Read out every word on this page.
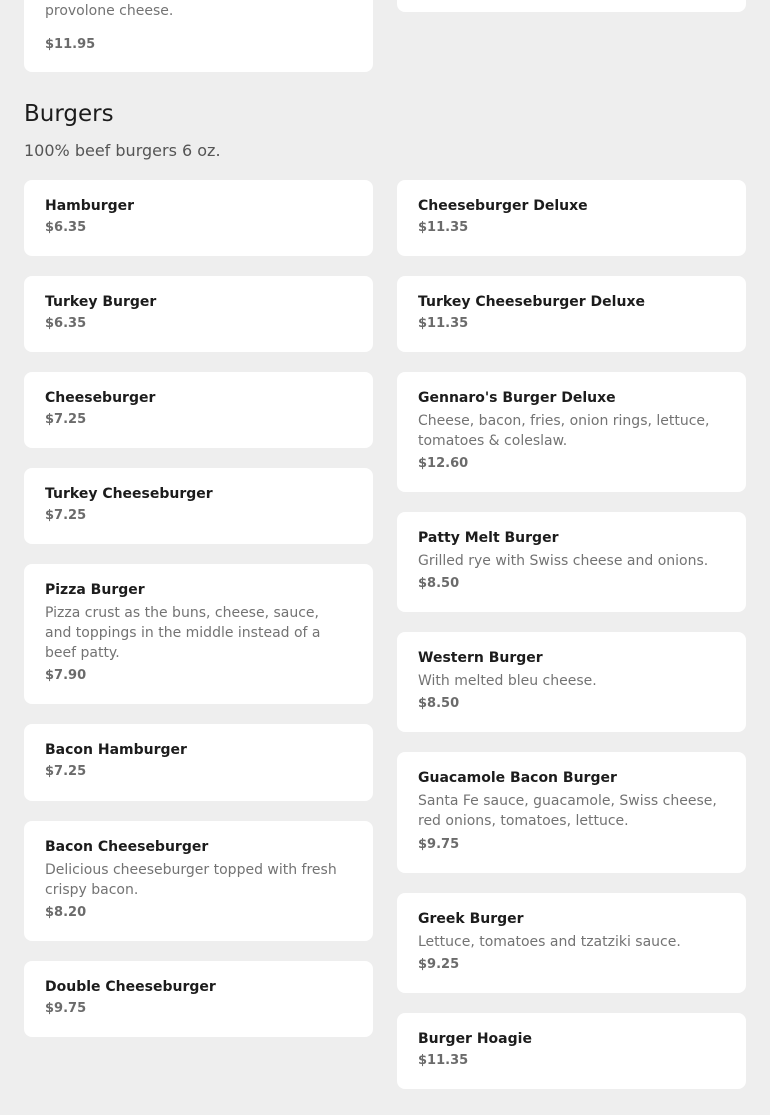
provolone cheese.
$11.95
Burgers
100% beef burgers 6 oz.
Hamburger
$6.35
Turkey Burger
$6.35
Cheeseburger
$7.25
Turkey Cheeseburger
$7.25
Pizza Burger
Pizza crust as the buns, cheese, sauce, and toppings in the middle instead of a beef patty.
$7.90
Bacon Hamburger
$7.25
Bacon Cheeseburger
Delicious cheeseburger topped with fresh crispy bacon.
$8.20
Double Cheeseburger
$9.75
Cheeseburger Deluxe
$11.35
Turkey Cheeseburger Deluxe
$11.35
Gennaro's Burger Deluxe
Cheese, bacon, fries, onion rings, lettuce, tomatoes & coleslaw.
$12.60
Patty Melt Burger
Grilled rye with Swiss cheese and onions.
$8.50
Western Burger
With melted bleu cheese.
$8.50
Guacamole Bacon Burger
Santa Fe sauce, guacamole, Swiss cheese, red onions, tomatoes, lettuce.
$9.75
Greek Burger
Lettuce, tomatoes and tzatziki sauce.
$9.25
Burger Hoagie
$11.35
